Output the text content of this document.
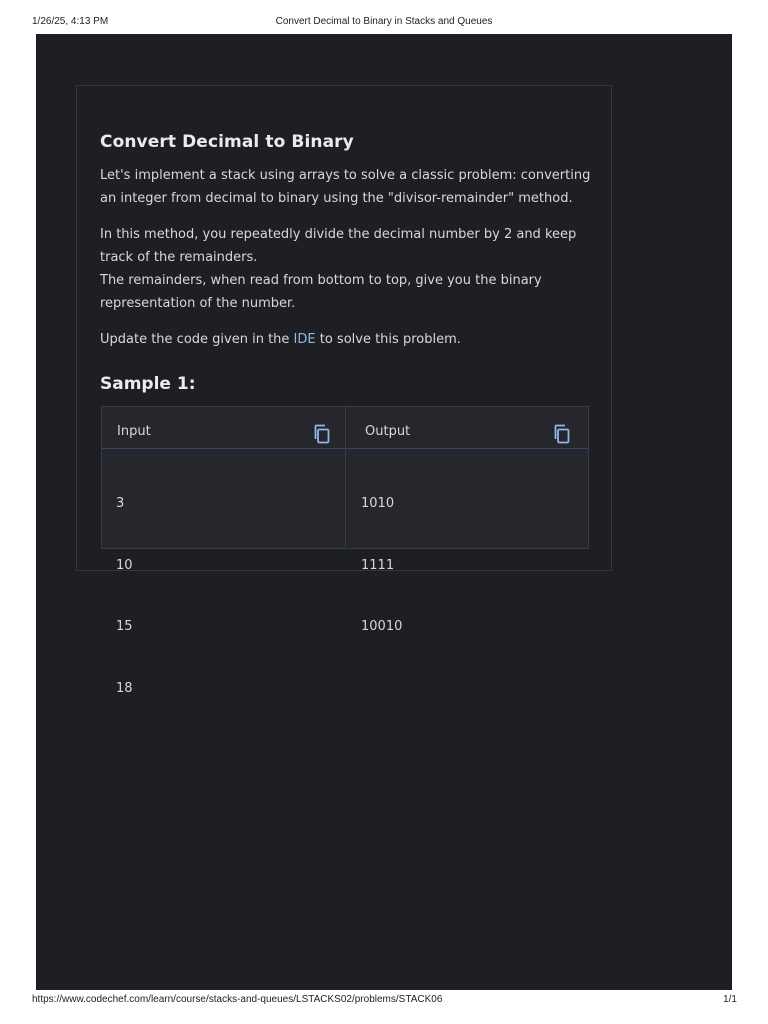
1/26/25, 4:13 PM	Convert Decimal to Binary in Stacks and Queues
Convert Decimal to Binary

Let's implement a stack using arrays to solve a classic problem: converting an integer from decimal to binary using the "divisor-remainder" method.

In this method, you repeatedly divide the decimal number by 2 and keep track of the remainders.
The remainders, when read from bottom to top, give you the binary representation of the number.

Update the code given in the IDE to solve this problem.

Sample 1:
Input

3

10

15

18

Output

1010

1111

10010

https://www.codechef.com/learn/course/stacks-and-queues/LSTACKS02/problems/STACK06	1/1
